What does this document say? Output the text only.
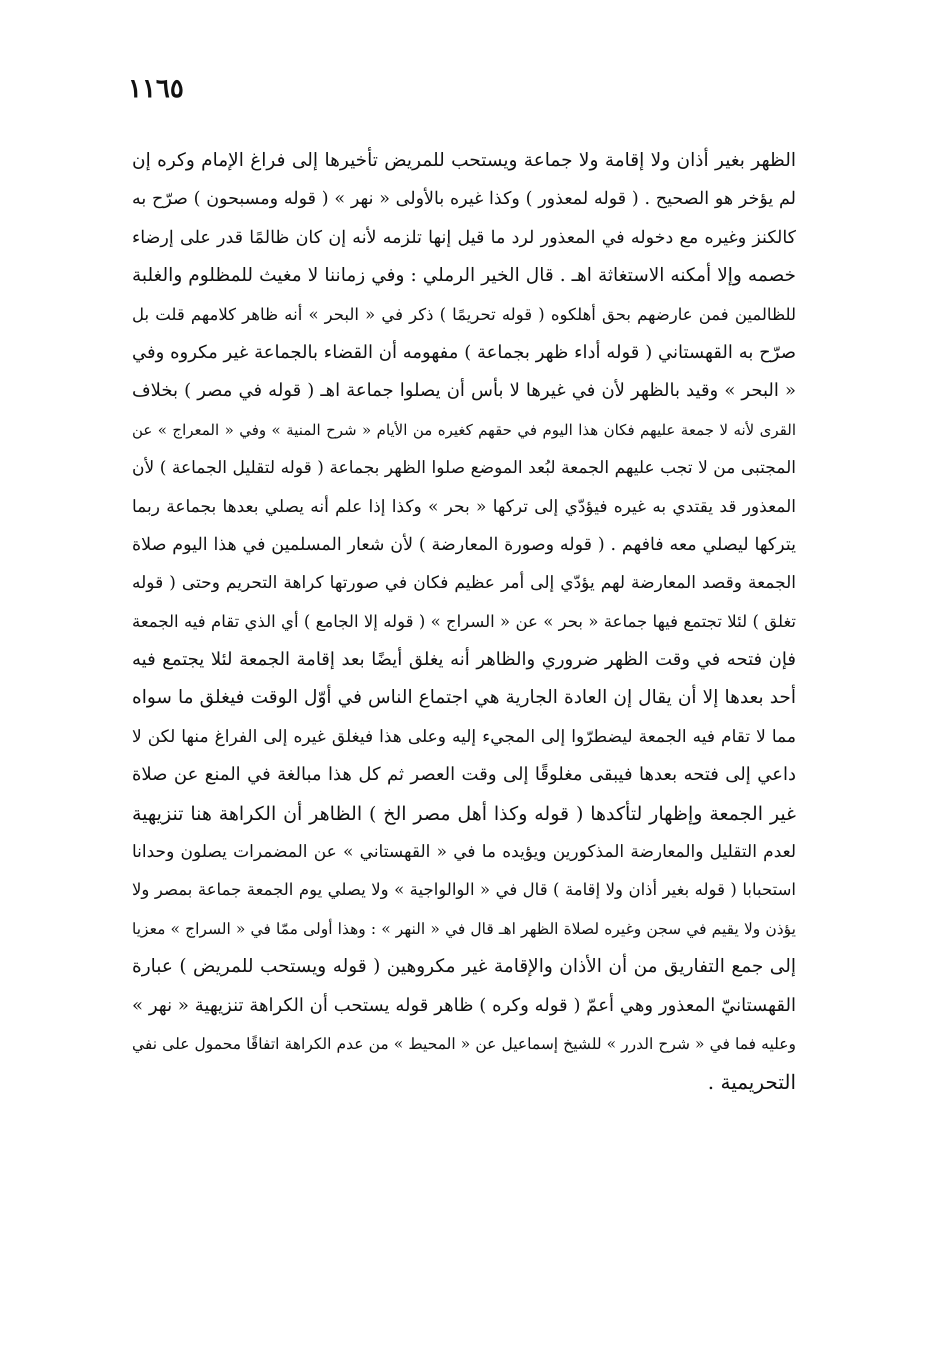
١١٦٥
الظهر بغير أذان ولا إقامة ولا جماعة ويستحب للمريض تأخيرها إلى فراغ الإمام وكره إن
لم يؤخر هو الصحيح . ( قوله لمعذور ) وكذا غيره بالأولى « نهر » ( قوله ومسبحون ) صرّح به
كالكنز وغيره مع دخوله في المعذور لرد ما قيل إنها تلزمه لأنه إن كان ظالمًا قدر على إرضاء
خصمه وإلا أمكنه الاستغاثة اهـ . قال الخير الرملي : وفي زماننا لا مغيث للمظلوم والغلبة
للظالمين فمن عارضهم بحق أهلكوه ( قوله تحريمًا ) ذكر في « البحر » أنه ظاهر كلامهم قلت بل
صرّح به القهستاني ( قوله أداء ظهر بجماعة ) مفهومه أن القضاء بالجماعة غير مكروه وفي
« البحر » وقيد بالظهر لأن في غيرها لا بأس أن يصلوا جماعة اهـ ( قوله في مصر ) بخلاف
القرى لأنه لا جمعة عليهم فكان هذا اليوم في حقهم كغيره من الأيام « شرح المنية » وفي « المعراج » عن
المجتبى من لا تجب عليهم الجمعة لبُعد الموضع صلوا الظهر بجماعة ( قوله لتقليل الجماعة ) لأن
المعذور قد يقتدي به غيره فيؤدّي إلى تركها « بحر » وكذا إذا علم أنه يصلي بعدها بجماعة ربما
يتركها ليصلي معه فافهم . ( قوله وصورة المعارضة ) لأن شعار المسلمين في هذا اليوم صلاة
الجمعة وقصد المعارضة لهم يؤدّي إلى أمر عظيم فكان في صورتها كراهة التحريم وحتى ( قوله
تغلق ) لئلا تجتمع فيها جماعة « بحر » عن « السراج » ( قوله إلا الجامع ) أي الذي تقام فيه الجمعة
فإن فتحه في وقت الظهر ضروري والظاهر أنه يغلق أيضًا بعد إقامة الجمعة لئلا يجتمع فيه
أحد بعدها إلا أن يقال إن العادة الجارية هي اجتماع الناس في أوّل الوقت فيغلق ما سواه
مما لا تقام فيه الجمعة ليضطرّوا إلى المجيء إليه وعلى هذا فيغلق غيره إلى الفراغ منها لكن لا
داعي إلى فتحه بعدها فيبقى مغلوقًا إلى وقت العصر ثم كل هذا مبالغة في المنع عن صلاة
غير الجمعة وإظهار لتأكدها ( قوله وكذا أهل مصر الخ ) الظاهر أن الكراهة هنا تنزيهية
لعدم التقليل والمعارضة المذكورين ويؤيده ما في « القهستاني » عن المضمرات يصلون وحدانا
استحبابا ( قوله بغير أذان ولا إقامة ) قال في « الوالواجية » ولا يصلي يوم الجمعة جماعة بمصر ولا
يؤذن ولا يقيم في سجن وغيره لصلاة الظهر اهـ قال في « النهر » : وهذا أولى ممّا في « السراج » معزيا
إلى جمع التفاريق من أن الأذان والإقامة غير مكروهين ( قوله ويستحب للمريض ) عبارة
القهستانيّ المعذور وهي أعمّ ( قوله وكره ) ظاهر قوله يستحب أن الكراهة تنزيهية « نهر »
وعليه فما في « شرح الدرر » للشيخ إسماعيل عن « المحيط » من عدم الكراهة اتفاقًا محمول على نفي
التحريمية .
